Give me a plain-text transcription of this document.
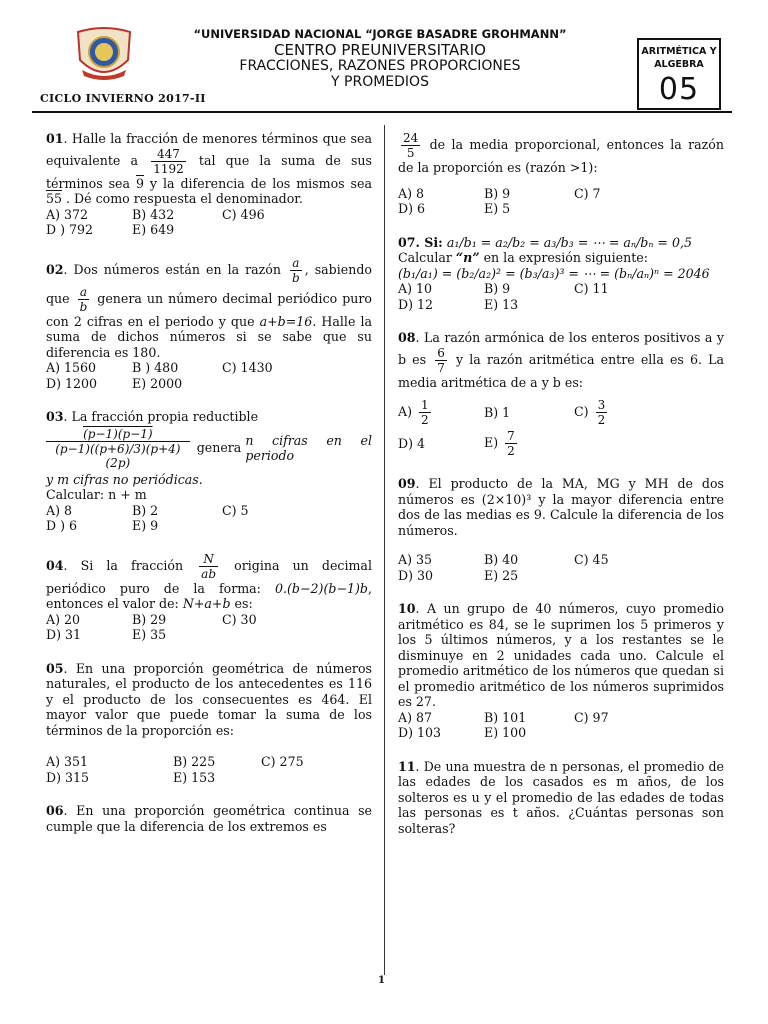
“UNIVERSIDAD NACIONAL “JORGE BASADRE GROHMANN”
CENTRO PREUNIVERSITARIO
FRACCIONES, RAZONES PROPORCIONES
Y PROMEDIOS
CICLO INVIERNO 2017-II
ARITMÉTICA Y ALGEBRA
05
01. Halle la fracción de menores términos que sea equivalente a $\frac{447}{1192}$ tal que la suma de sus términos sea 9 y la diferencia de los mismos sea 55 . Dé como respuesta el denominador.
A) 372	B) 432	C) 496
D ) 792	E) 649
02. Dos números están en la razón $\frac{a}{b}$ , sabiendo que $\frac{a}{b}$ genera un número decimal periódico puro con 2 cifras en el periodo y que a+b=16. Halle la suma de dichos números si se sabe que su diferencia es 180.
A) 1560	B ) 480	C) 1430
D) 1200	E) 2000
03. La fracción propia reductible
$\frac{(p-1)(p-1)}{(p-1)((p+6)/3)(p+4)(2p)}$ genera

n cifras en el periodo
y m cifras no periódicas.
Calcular: n + m
A) 8	B) 2	C) 5
D ) 6	E) 9
04. Si la fracción $\frac{N}{ab}$ origina un decimal periódico puro de la forma: 0.(b−2)(b−1)b, entonces el valor de: N+a+b es:
A) 20	B) 29	C) 30
D) 31	E) 35
05. En una proporción geométrica de números naturales, el producto de los antecedentes es 116 y el producto de los consecuentes es 464. El mayor valor que puede tomar la suma de los términos de la proporción es:
A) 351	B) 225	C) 275
D) 315	E) 153
06. En una proporción geométrica continua se cumple que la diferencia de los extremos es
$\frac{24}{5}$ de la media proporcional, entonces la razón de la proporción es (razón >1):
A) 8	B) 9	C) 7
D) 6	E) 5
07. Si: a₁/b₁ = a₂/b₂ = a₃/b₃ = ⋯ = aₙ/bₙ = 0,5
Calcular “n” en la expresión siguiente:
(b₁/a₁) = (b₂/a₂)² = (b₃/a₃)³ = ⋯ = (bₙ/aₙ)ⁿ = 2046
A) 10	B) 9	C) 11
D) 12	E) 13
08. La razón armónica de los enteros positivos a y b es $\frac{6}{7}$ y la razón aritmética entre ella es 6. La media aritmética de a y b es:
$A) \frac{1}{2}$	B) 1	$C) \frac{3}{2}$
D) 4	$E) \frac{7}{2}$
09. El producto de la MA, MG y MH de dos números es (2×10)³ y la mayor diferencia entre dos de las medias es 9. Calcule la diferencia de los números.
A) 35	B) 40	C) 45
D) 30	E) 25
10. A un grupo de 40 números, cuyo promedio aritmético es 84, se le suprimen los 5 primeros y los 5 últimos números, y a los restantes se le disminuye en 2 unidades cada uno. Calcule el promedio aritmético de los números que quedan si el promedio aritmético de los números suprimidos es 27.
A) 87	B) 101	C) 97
D) 103	E) 100
11. De una muestra de n personas, el promedio de las edades de los casados es m años, de los solteros es u y el promedio de las edades de todas las personas es t años. ¿Cuántas personas son solteras?
1
